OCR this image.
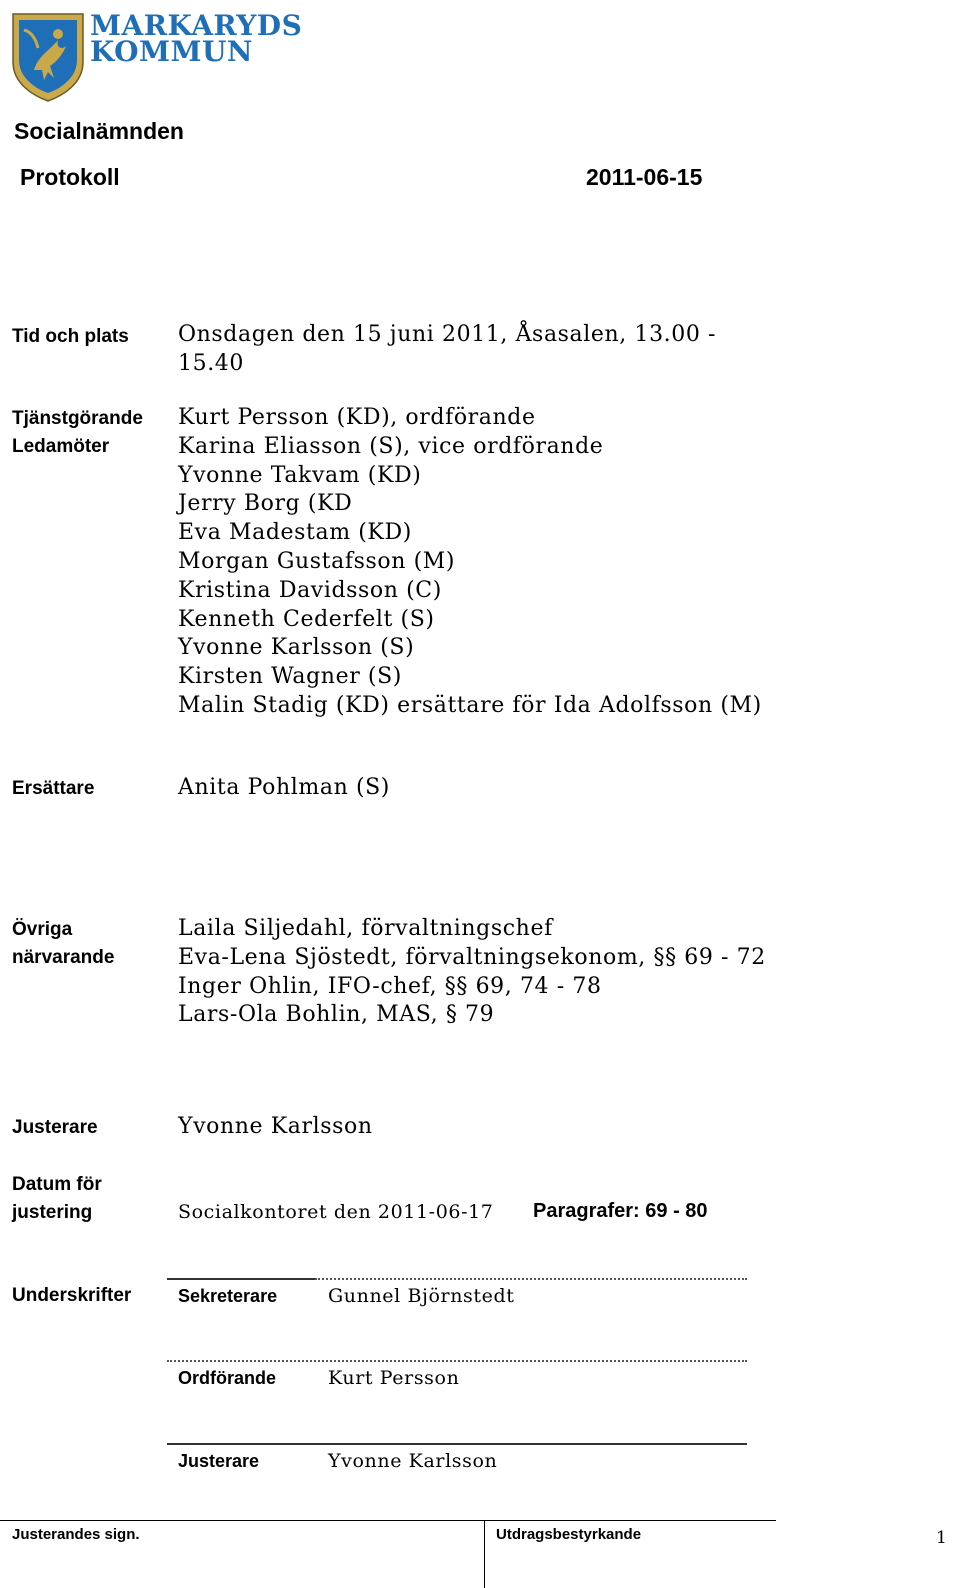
MARKARYDS
KOMMUN
Socialnämnden
Protokoll	2011-06-15
Tid och plats Onsdagen den 15 juni 2011, Åsasalen, 13.00 -
15.40
Tjänstgörande
Ledamöter
Kurt Persson (KD), ordförande
Karina Eliasson (S), vice ordförande
Yvonne Takvam (KD)
Jerry Borg (KD
Eva Madestam (KD)
Morgan Gustafsson (M)
Kristina Davidsson (C)
Kenneth Cederfelt (S)
Yvonne Karlsson (S)
Kirsten Wagner (S)
Malin Stadig (KD) ersättare för Ida Adolfsson (M)
Ersättare	Anita Pohlman (S)
Övriga
närvarande
Laila Siljedahl, förvaltningschef
Eva-Lena Sjöstedt, förvaltningsekonom, §§ 69 - 72
Inger Ohlin, IFO-chef, §§ 69, 74 - 78
Lars-Ola Bohlin, MAS, § 79
Justerare	Yvonne Karlsson
Datum för
justering	Socialkontoret den 2011-06-17 Paragrafer: 69 - 80
Underskrifter	Sekreterare	Gunnel Björnstedt
Ordförande	Kurt Persson
Justerare	Yvonne Karlsson
Justerandes sign.	Utdragsbestyrkande	1
